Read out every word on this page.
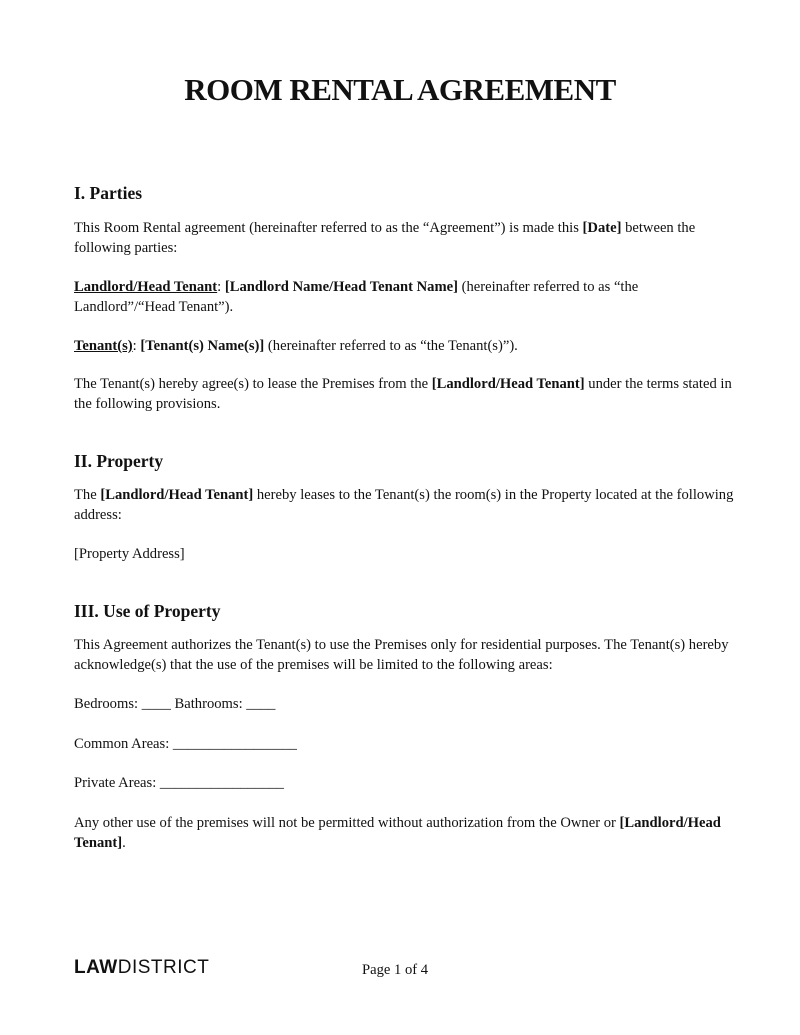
ROOM RENTAL AGREEMENT
I. Parties

This Room Rental agreement (hereinafter referred to as the “Agreement”) is made this [Date] between the following parties:

Landlord/Head Tenant: [Landlord Name/Head Tenant Name] (hereinafter referred to as “the Landlord”/“Head Tenant”).

Tenant(s): [Tenant(s) Name(s)] (hereinafter referred to as “the Tenant(s)”).

The Tenant(s) hereby agree(s) to lease the Premises from the [Landlord/Head Tenant] under the terms stated in the following provisions.

II. Property

The [Landlord/Head Tenant] hereby leases to the Tenant(s) the room(s) in the Property located at the following address:

[Property Address]

III. Use of Property

This Agreement authorizes the Tenant(s) to use the Premises only for residential purposes. The Tenant(s) hereby acknowledge(s) that the use of the premises will be limited to the following areas:

Bedrooms: ____ Bathrooms: ____

Common Areas: _________________

Private Areas: _________________

Any other use of the premises will not be permitted without authorization from the Owner or [Landlord/Head Tenant].

LAWDISTRICT	Page 1 of 4
